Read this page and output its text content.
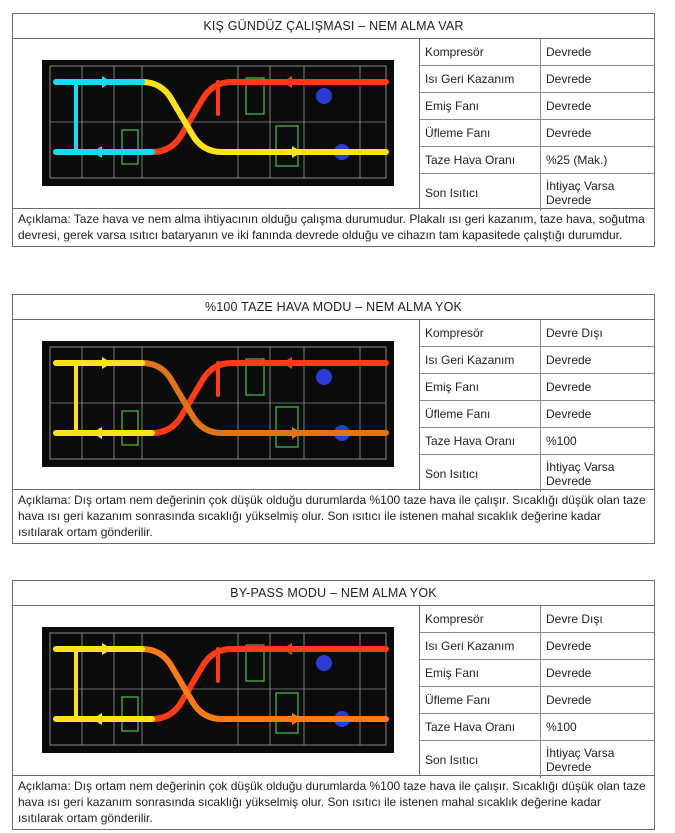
KIŞ GÜNDÜZ ÇALIŞMASI – NEM ALMA VAR
Kompresör	Devrede
Isı Geri Kazanım	Devrede
Emiş Fanı	Devrede
Üfleme Fanı	Devrede
Taze Hava Oranı	%25 (Mak.)
Son Isıtıcı	İhtiyaç Varsa Devrede
Açıklama: Taze hava ve nem alma ihtiyacının olduğu çalışma durumudur. Plakalı ısı geri kazanım, taze hava, soğutma devresi, gerek varsa ısıtıcı bataryanın ve iki fanında devrede olduğu ve cihazın tam kapasitede çalıştığı durumdur.
%100 TAZE HAVA MODU – NEM ALMA YOK
Kompresör	Devre Dışı
Isı Geri Kazanım	Devrede
Emiş Fanı	Devrede
Üfleme Fanı	Devrede
Taze Hava Oranı	%100
Son Isıtıcı	İhtiyaç Varsa Devrede
Açıklama: Dış ortam nem değerinin çok düşük olduğu durumlarda %100 taze hava ile çalışır. Sıcaklığı düşük olan taze hava ısı geri kazanım sonrasında sıcaklığı yükselmiş olur. Son ısıtıcı ile istenen mahal sıcaklık değerine kadar ısıtılarak ortam gönderilir.
BY-PASS MODU – NEM ALMA YOK
Kompresör	Devre Dışı
Isı Geri Kazanım	Devrede
Emiş Fanı	Devrede
Üfleme Fanı	Devrede
Taze Hava Oranı	%100
Son Isıtıcı	İhtiyaç Varsa Devrede
Açıklama: Dış ortam nem değerinin çok düşük olduğu durumlarda %100 taze hava ile çalışır. Sıcaklığı düşük olan taze hava ısı geri kazanım sonrasında sıcaklığı yükselmiş olur. Son ısıtıcı ile istenen mahal sıcaklık değerine kadar ısıtılarak ortam gönderilir.
